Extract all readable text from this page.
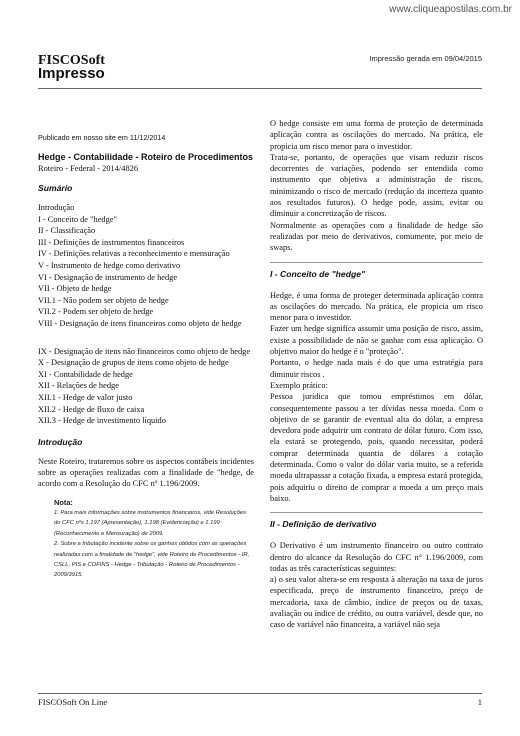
www.cliqueapostilas.com.br
FISCOSoft
Impresso
Impressão gerada em 09/04/2015
Publicado em nosso site em 11/12/2014
Hedge - Contabilidade - Roteiro de Procedimentos
Roteiro - Federal - 2014/4826
Sumário
Introdução
I - Conceito de "hedge"
II - Classificação
III - Definições de instrumentos financeiros
IV - Definições relativas a reconhecimento e mensuração
V - Instrumento de hedge como derivativo
VI - Designação de instrumento de hedge
VII - Objeto de hedge
VII.1 - Não podem ser objeto de hedge
VII.2 - Podem ser objeto de hedge
VIII - Designação de itens financeiros como objeto de hedge
IX - Designação de itens não financeiros como objeto de hedge
X - Designação de grupos de itens como objeto de hedge
XI - Contabilidade de hedge
XII - Relações de hedge
XII.1 - Hedge de valor justo
XII.2 - Hedge de fluxo de caixa
XII.3 - Hedge de investimento líquido
Introdução

Neste Roteiro, trataremos sobre os aspectos contábeis incidentes sobre as operações realizadas com a finalidade de "hedge, de acordo com a Resolução do CFC nº 1.196/2009.

Nota:
1. Para mais informações sobre instrumentos financeiros, vide Resoluções do CFC nºs 1.197 (Apresentação), 1.198 (Evidenciação) e 1.199 (Reconhecimento e Mensuração) de 2009.
2. Sobre a tributação incidente sobre os ganhos obtidos com as operações realizadas com a finalidade de "hedge", vide Roteiro de Procedimentos - IR, CSLL, PIS e COFINS - Hedge - Tributação - Roteiro de Procedimentos - 2009/3915.

O hedge consiste em uma forma de proteção de determinada aplicação contra as oscilações do mercado. Na prática, ele propicia um risco menor para o investidor.

Trata-se, portanto, de operações que visam reduzir riscos decorrentes de variações, podendo ser entendida como instrumento que objetiva a administração de riscos, minimizando o risco de mercado (redução da incerteza quanto aos resultados futuros). O hedge pode, assim, evitar ou diminuir a concretização de riscos.

Normalmente as operações com a finalidade de hedge são realizadas por meio de derivativos, comumente, por meio de swaps.

I - Conceito de "hedge"

Hedge, é uma forma de proteger determinada aplicação contra as oscilações do mercado. Na prática, ele propicia um risco menor para o investidor.

Fazer um hedge significa assumir uma posição de risco, assim, existe a possibilidade de não se ganhar com essa aplicação. O objetivo maior do hedge é o "proteção".

Portanto, o hedge nada mais é do que uma estratégia para diminuir riscos .

Exemplo prático:

Pessoa jurídica que tomou empréstimos em dólar, consequentemente passou a ter dívidas nessa moeda. Com o objetivo de se garantir de eventual alta do dólar, a empresa devedora pode adquirir um contrato de dólar futuro. Com isso, ela estará se protegendo, pois, quando necessitar, poderá comprar determinada quantia de dólares a cotação determinada. Como o valor do dólar varia muito, se a referida moeda ultrapassar a cotação fixada, a empresa estará protegida, pois adquiriu o direito de comprar a moeda a um preço mais baixo.

II - Definição de derivativo

O Derivativo é um instrumento financeiro ou outro contrato dentro do alcance da Resolução do CFC n° 1.196/2009, com todas as três características seguintes:

a) o seu valor altera-se em resposta à alteração na taxa de juros especificada, preço de instrumento financeiro, preço de mercadoria, taxa de câmbio, índice de preços ou de taxas, avaliação ou índice de crédito, ou outra variável, desde que, no caso de variável não financeira, a variável não seja

FISCOSoft On Line	1
